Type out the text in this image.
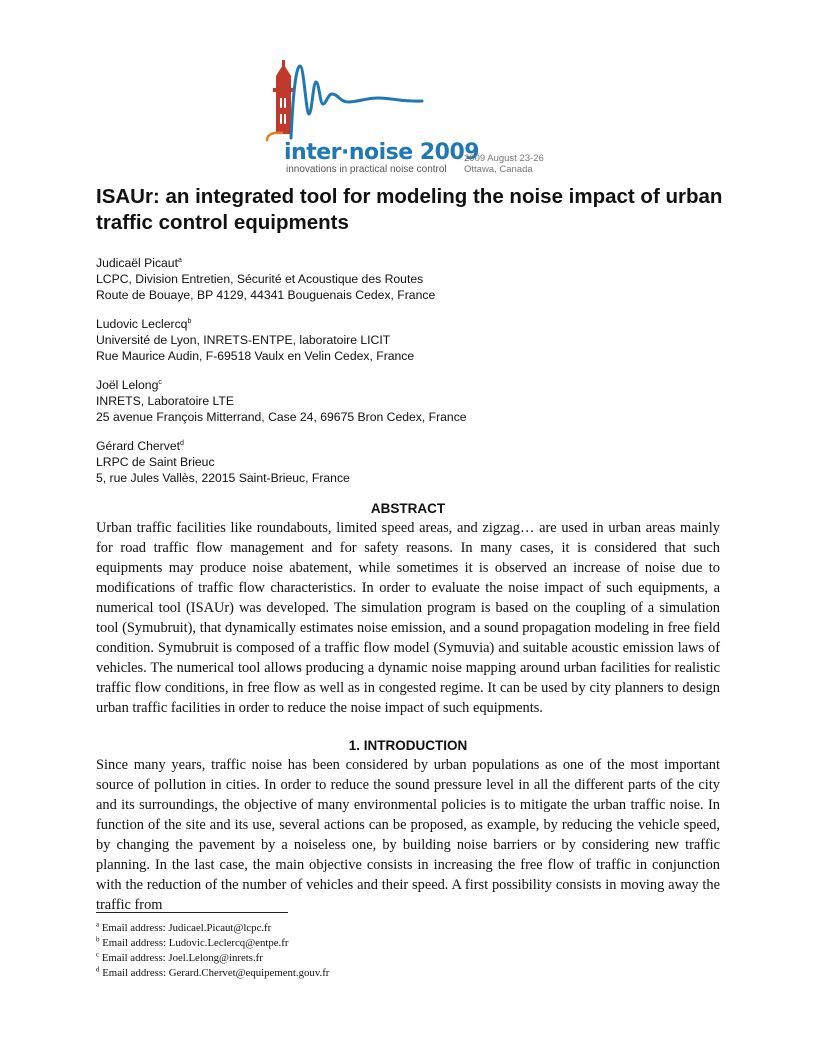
inter·noise 2009
innovations in practical noise control
2009 August 23-26
Ottawa, Canada
ISAUr: an integrated tool for modeling the noise impact of urban traffic control equipments
Judicaël Picaut$^a$
LCPC, Division Entretien, Sécurité et Acoustique des Routes
Route de Bouaye, BP 4129, 44341 Bouguenais Cedex, France
Ludovic Leclercq$^b$
Université de Lyon, INRETS-ENTPE, laboratoire LICIT
Rue Maurice Audin, F-69518 Vaulx en Velin Cedex, France
Joël Lelong$^c$
INRETS, Laboratoire LTE
25 avenue François Mitterrand, Case 24, 69675 Bron Cedex, France
Gérard Chervet$^d$
LRPC de Saint Brieuc
5, rue Jules Vallès, 22015 Saint-Brieuc, France
ABSTRACT

Urban traffic facilities like roundabouts, limited speed areas, and zigzag… are used in urban areas mainly for road traffic flow management and for safety reasons. In many cases, it is considered that such equipments may produce noise abatement, while sometimes it is observed an increase of noise due to modifications of traffic flow characteristics. In order to evaluate the noise impact of such equipments, a numerical tool (ISAUr) was developed. The simulation program is based on the coupling of a simulation tool (Symubruit), that dynamically estimates noise emission, and a sound propagation modeling in free field condition. Symubruit is composed of a traffic flow model (Symuvia) and suitable acoustic emission laws of vehicles. The numerical tool allows producing a dynamic noise mapping around urban facilities for realistic traffic flow conditions, in free flow as well as in congested regime. It can be used by city planners to design urban traffic facilities in order to reduce the noise impact of such equipments.

1. INTRODUCTION

Since many years, traffic noise has been considered by urban populations as one of the most important source of pollution in cities. In order to reduce the sound pressure level in all the different parts of the city and its surroundings, the objective of many environmental policies is to mitigate the urban traffic noise. In function of the site and its use, several actions can be proposed, as example, by reducing the vehicle speed, by changing the pavement by a noiseless one, by building noise barriers or by considering new traffic planning. In the last case, the main objective consists in increasing the free flow of traffic in conjunction with the reduction of the number of vehicles and their speed. A first possibility consists in moving away the traffic from

$^a$ Email address: Judicael.Picaut@lcpc.fr
$^b$ Email address: Ludovic.Leclercq@entpe.fr
$^c$ Email address: Joel.Lelong@inrets.fr
$^d$ Email address: Gerard.Chervet@equipement.gouv.fr
